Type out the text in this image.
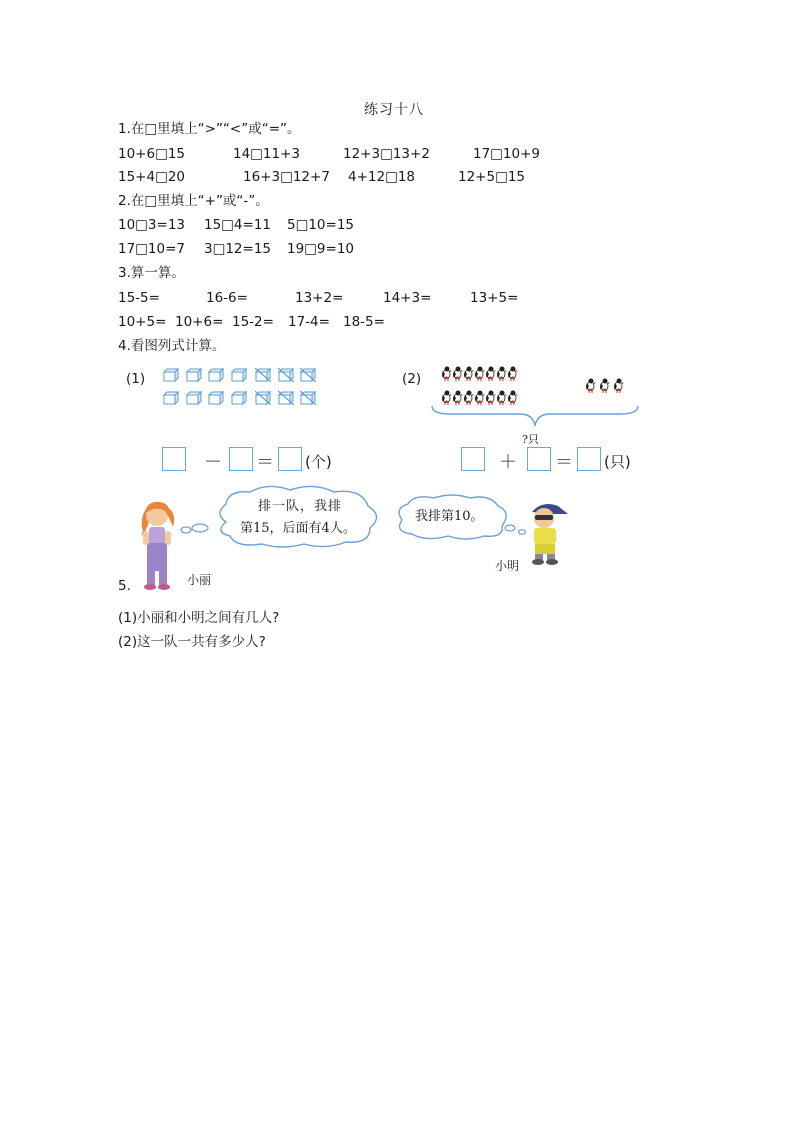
练习十八
1.在□里填上“>”“<”或“=”。
10+6□15	14□11+3	12+3□13+2	17□10+9
15+4□20	16+3□12+7 4+12□18	12+5□15
2.在□里填上“+”或“-”。
10□3=13 15□4=11 5□10=15
17□10=7 3□12=15 19□9=10
3.算一算。
15-5=	16-6=	13+2=	14+3=	13+5=
10+5= 10+6= 15-2= 17-4= 18-5=
4.看图列式计算。
(1)	(2)
?只
－ ＝ (个)	＋ ＝ (只)
小丽
排一队，我排
第15，后面有4人。
我排第10。
小明
5.
(1)小丽和小明之间有几人?
(2)这一队一共有多少人?
